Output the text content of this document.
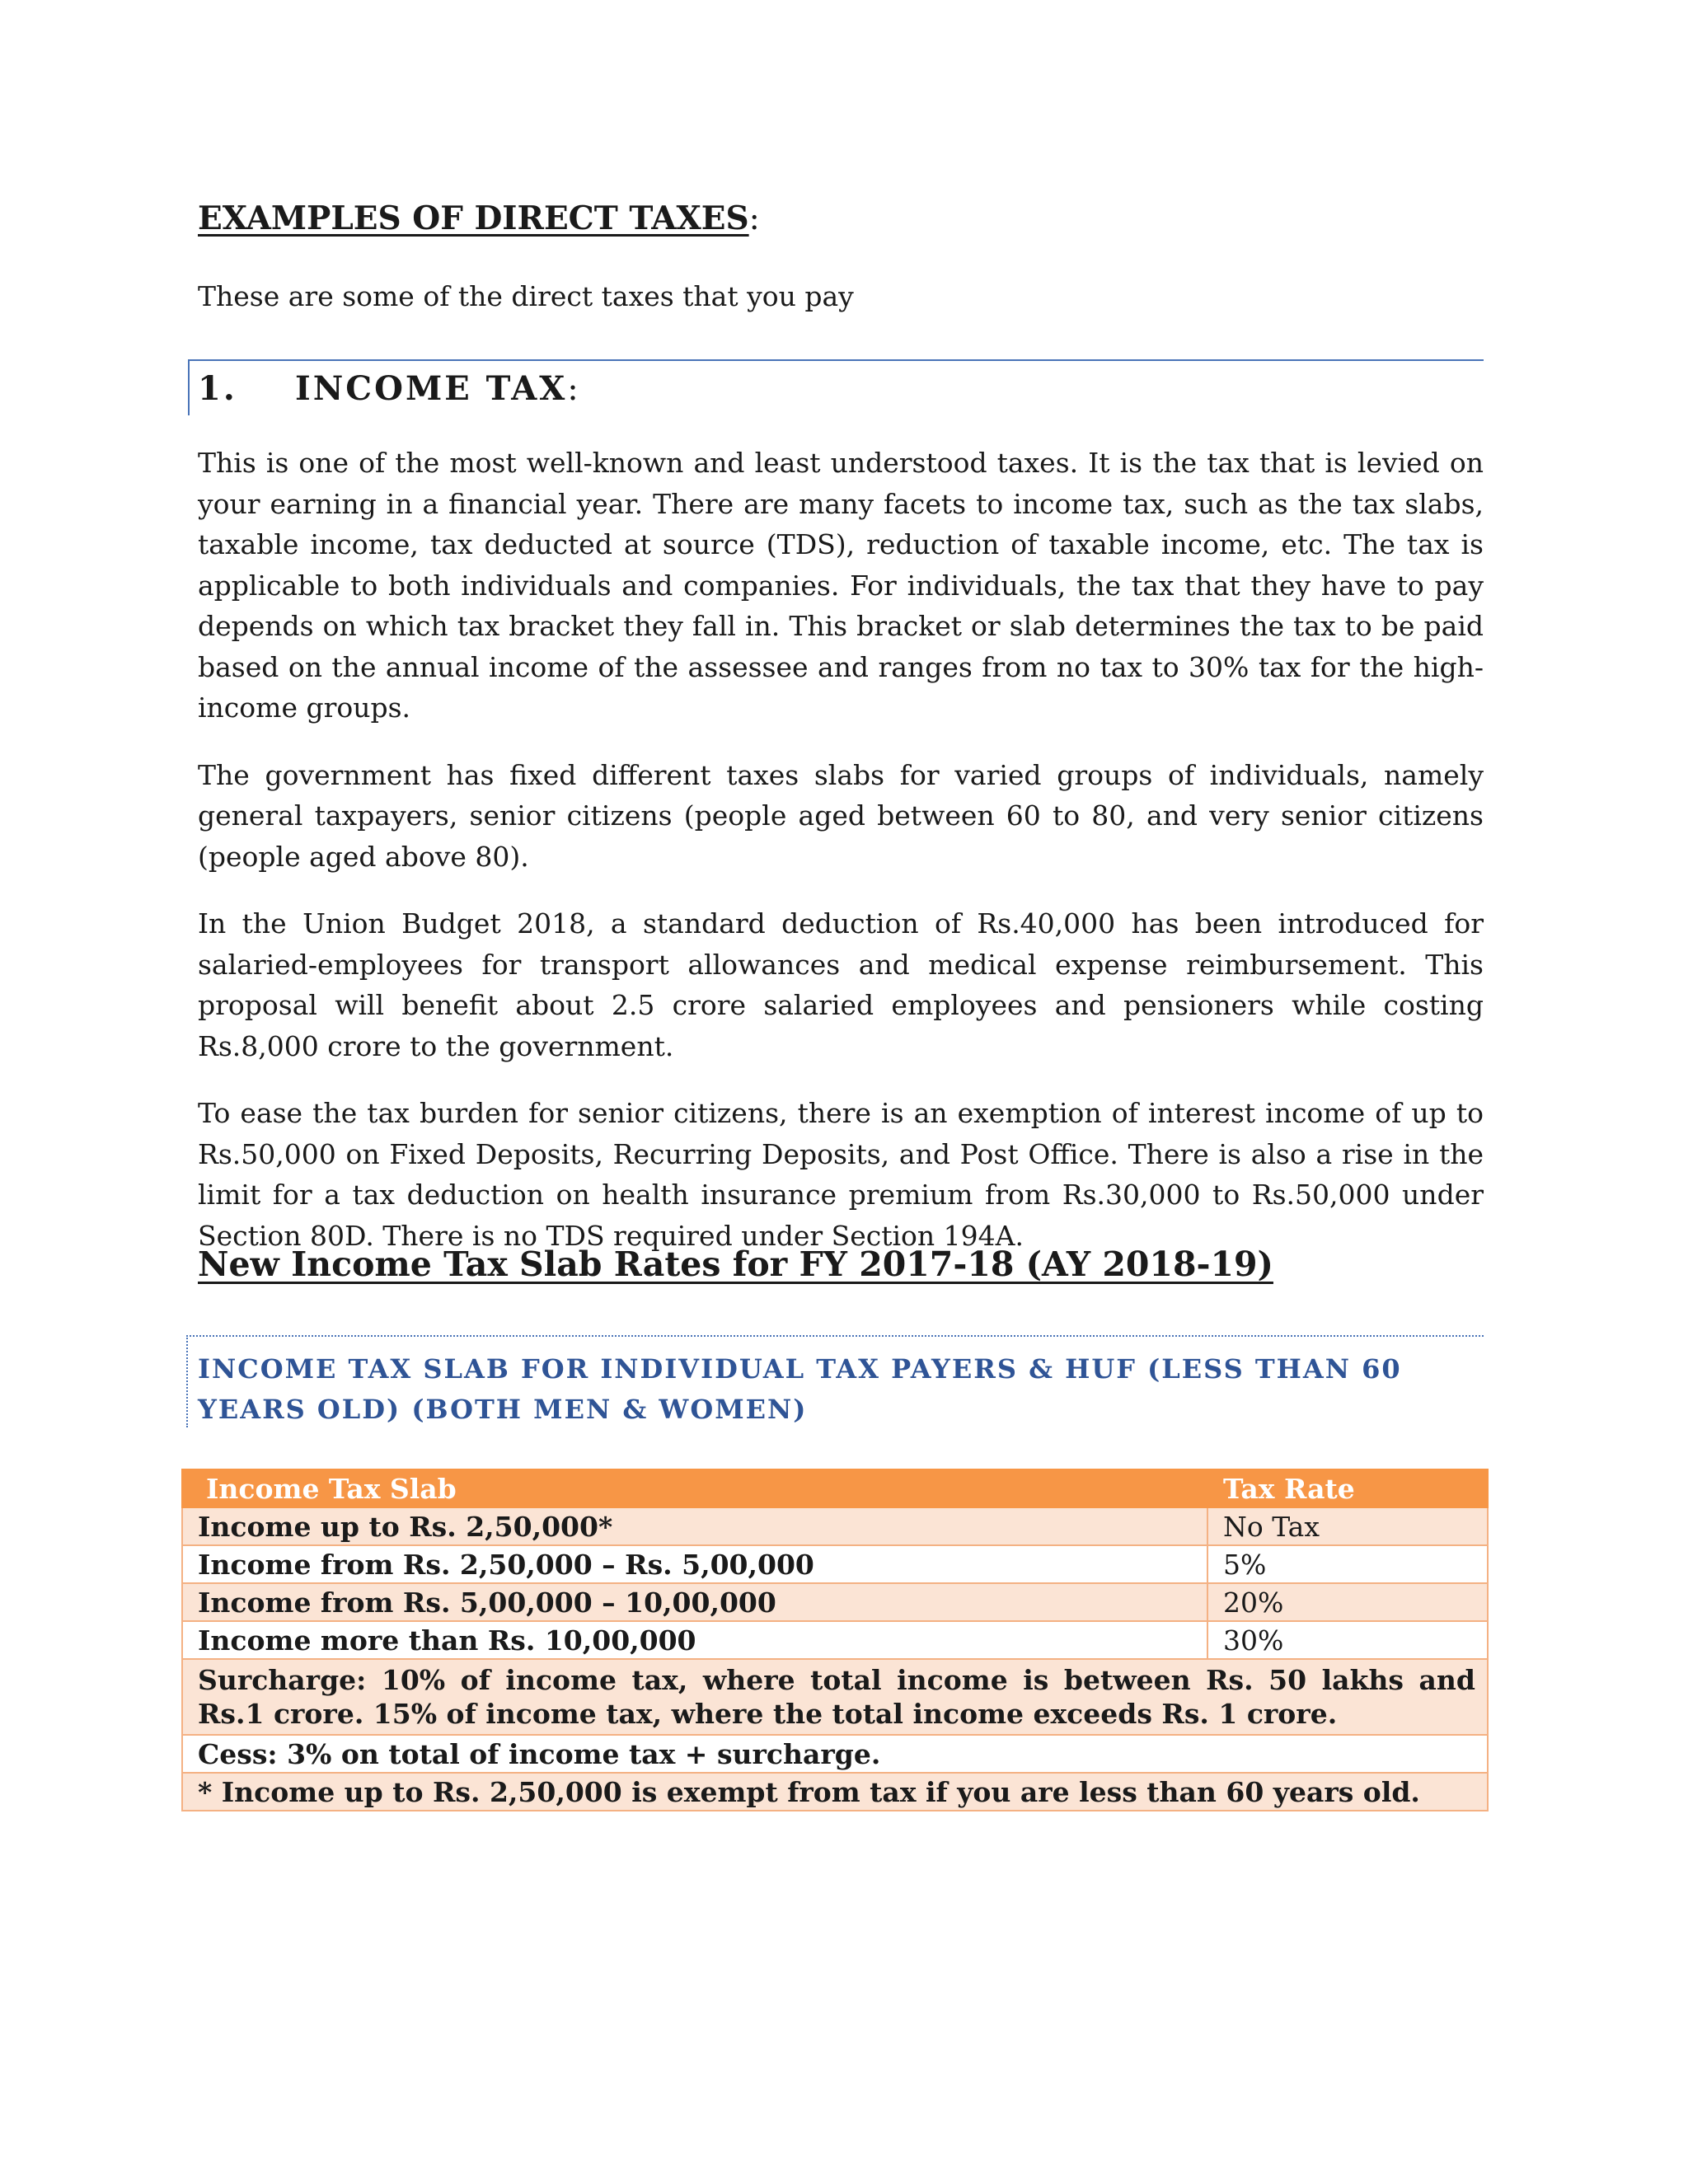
EXAMPLES OF DIRECT TAXES:

These are some of the direct taxes that you pay

1. INCOME TAX:

This is one of the most well-known and least understood taxes. It is the tax that is levied on your earning in a financial year. There are many facets to income tax, such as the tax slabs, taxable income, tax deducted at source (TDS), reduction of taxable income, etc. The tax is applicable to both individuals and companies. For individuals, the tax that they have to pay depends on which tax bracket they fall in. This bracket or slab determines the tax to be paid based on the annual income of the assessee and ranges from no tax to 30% tax for the high-income groups.

The government has fixed different taxes slabs for varied groups of individuals, namely general taxpayers, senior citizens (people aged between 60 to 80, and very senior citizens (people aged above 80).

In the Union Budget 2018, a standard deduction of Rs.40,000 has been introduced for salaried-employees for transport allowances and medical expense reimbursement. This proposal will benefit about 2.5 crore salaried employees and pensioners while costing Rs.8,000 crore to the government.

To ease the tax burden for senior citizens, there is an exemption of interest income of up to Rs.50,000 on Fixed Deposits, Recurring Deposits, and Post Office. There is also a rise in the limit for a tax deduction on health insurance premium from Rs.30,000 to Rs.50,000 under Section 80D. There is no TDS required under Section 194A.

New Income Tax Slab Rates for FY 2017-18 (AY 2018-19)
INCOME TAX SLAB FOR INDIVIDUAL TAX PAYERS & HUF (LESS THAN 60 YEARS OLD) (BOTH MEN & WOMEN)
Income Tax Slab	Tax Rate
Income up to Rs. 2,50,000*	No Tax
Income from Rs. 2,50,000 – Rs. 5,00,000	5%
Income from Rs. 5,00,000 – 10,00,000	20%
Income more than Rs. 10,00,000	30%
Surcharge: 10% of income tax, where total income is between Rs. 50 lakhs and Rs.1 crore. 15% of income tax, where the total income exceeds Rs. 1 crore.	
Cess: 3% on total of income tax + surcharge.	
* Income up to Rs. 2,50,000 is exempt from tax if you are less than 60 years old.	
